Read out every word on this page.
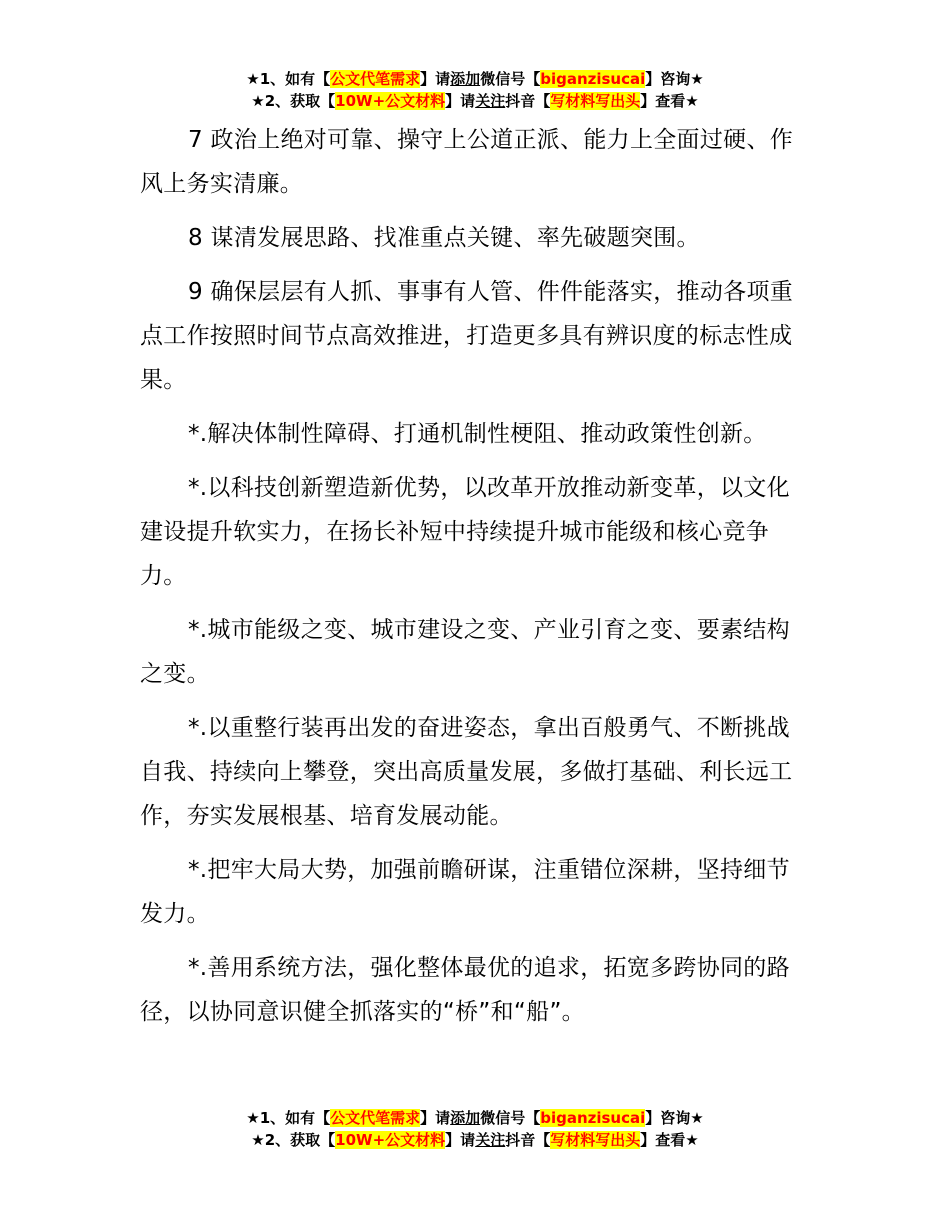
★1、如有【公文代笔需求】请添加微信号【biganzisucai】咨询★
★2、获取【10W+公文材料】请关注抖音【写材料写出头】查看★

7 政治上绝对可靠、操守上公道正派、能力上全面过硬、作风上务实清廉。

8 谋清发展思路、找准重点关键、率先破题突围。

9 确保层层有人抓、事事有人管、件件能落实，推动各项重点工作按照时间节点高效推进，打造更多具有辨识度的标志性成果。

*.解决体制性障碍、打通机制性梗阻、推动政策性创新。

*.以科技创新塑造新优势，以改革开放推动新变革，以文化建设提升软实力，在扬长补短中持续提升城市能级和核心竞争力。

*.城市能级之变、城市建设之变、产业引育之变、要素结构之变。

*.以重整行装再出发的奋进姿态，拿出百般勇气、不断挑战自我、持续向上攀登，突出高质量发展，多做打基础、利长远工作，夯实发展根基、培育发展动能。

*.把牢大局大势，加强前瞻研谋，注重错位深耕，坚持细节发力。

*.善用系统方法，强化整体最优的追求，拓宽多跨协同的路径，以协同意识健全抓落实的“桥”和“船”。

★1、如有【公文代笔需求】请添加微信号【biganzisucai】咨询★
★2、获取【10W+公文材料】请关注抖音【写材料写出头】查看★
